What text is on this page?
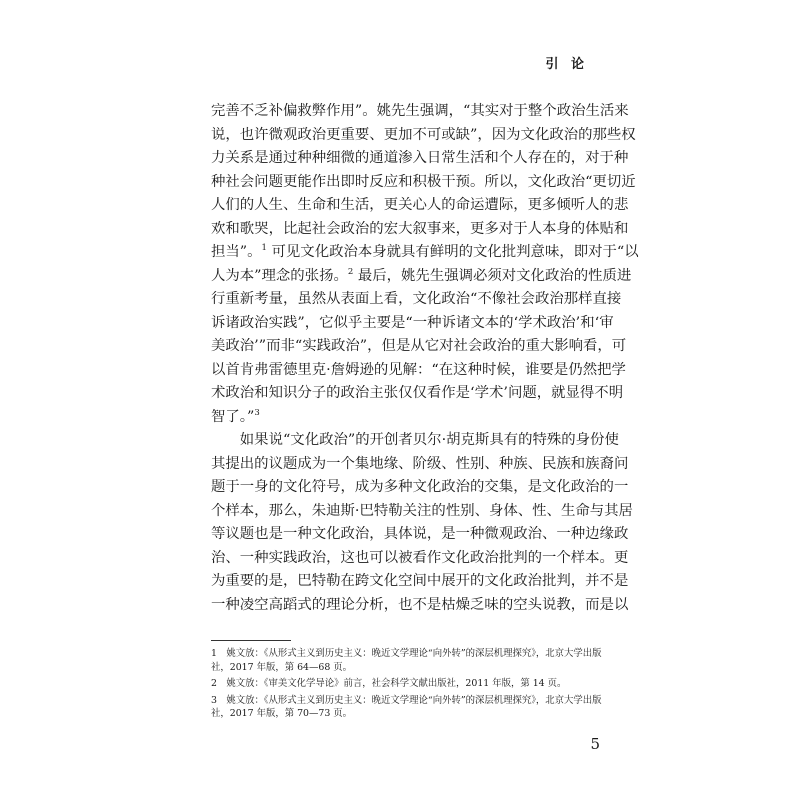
引 论
完善不乏补偏救弊作用”。姚先生强调，“其实对于整个政治生活来
说，也许微观政治更重要、更加不可或缺”，因为文化政治的那些权
力关系是通过种种细微的通道渗入日常生活和个人存在的，对于种
种社会问题更能作出即时反应和积极干预。所以，文化政治“更切近
人们的人生、生命和生活，更关心人的命运遭际，更多倾听人的悲
欢和歌哭，比起社会政治的宏大叙事来，更多对于人本身的体贴和
担当”。$^1$ 可见文化政治本身就具有鲜明的文化批判意味，即对于“以
人为本”理念的张扬。$^2$ 最后，姚先生强调必须对文化政治的性质进
行重新考量，虽然从表面上看，文化政治“不像社会政治那样直接
诉诸政治实践”，它似乎主要是“一种诉诸文本的‘学术政治’和‘审
美政治’”而非“实践政治”，但是从它对社会政治的重大影响看，可
以首肯弗雷德里克·詹姆逊的见解：“在这种时候，谁要是仍然把学
术政治和知识分子的政治主张仅仅看作是‘学术’问题，就显得不明
智了。”$^3$
　　如果说“文化政治”的开创者贝尔·胡克斯具有的特殊的身份使
其提出的议题成为一个集地缘、阶级、性别、种族、民族和族裔问
题于一身的文化符号，成为多种文化政治的交集，是文化政治的一
个样本，那么，朱迪斯·巴特勒关注的性别、身体、性、生命与其居
等议题也是一种文化政治，具体说，是一种微观政治、一种边缘政
治、一种实践政治，这也可以被看作文化政治批判的一个样本。更
为重要的是，巴特勒在跨文化空间中展开的文化政治批判，并不是
一种凌空高蹈式的理论分析，也不是枯燥乏味的空头说教，而是以
1　姚文放：《从形式主义到历史主义：晚近文学理论“向外转”的深层机理探究》，北京大学出版
社，2017 年版，第 64—68 页。
2　姚文放：《审美文化学导论》前言，社会科学文献出版社，2011 年版，第 14 页。
3　姚文放：《从形式主义到历史主义：晚近文学理论“向外转”的深层机理探究》，北京大学出版
社，2017 年版，第 70—73 页。
5
